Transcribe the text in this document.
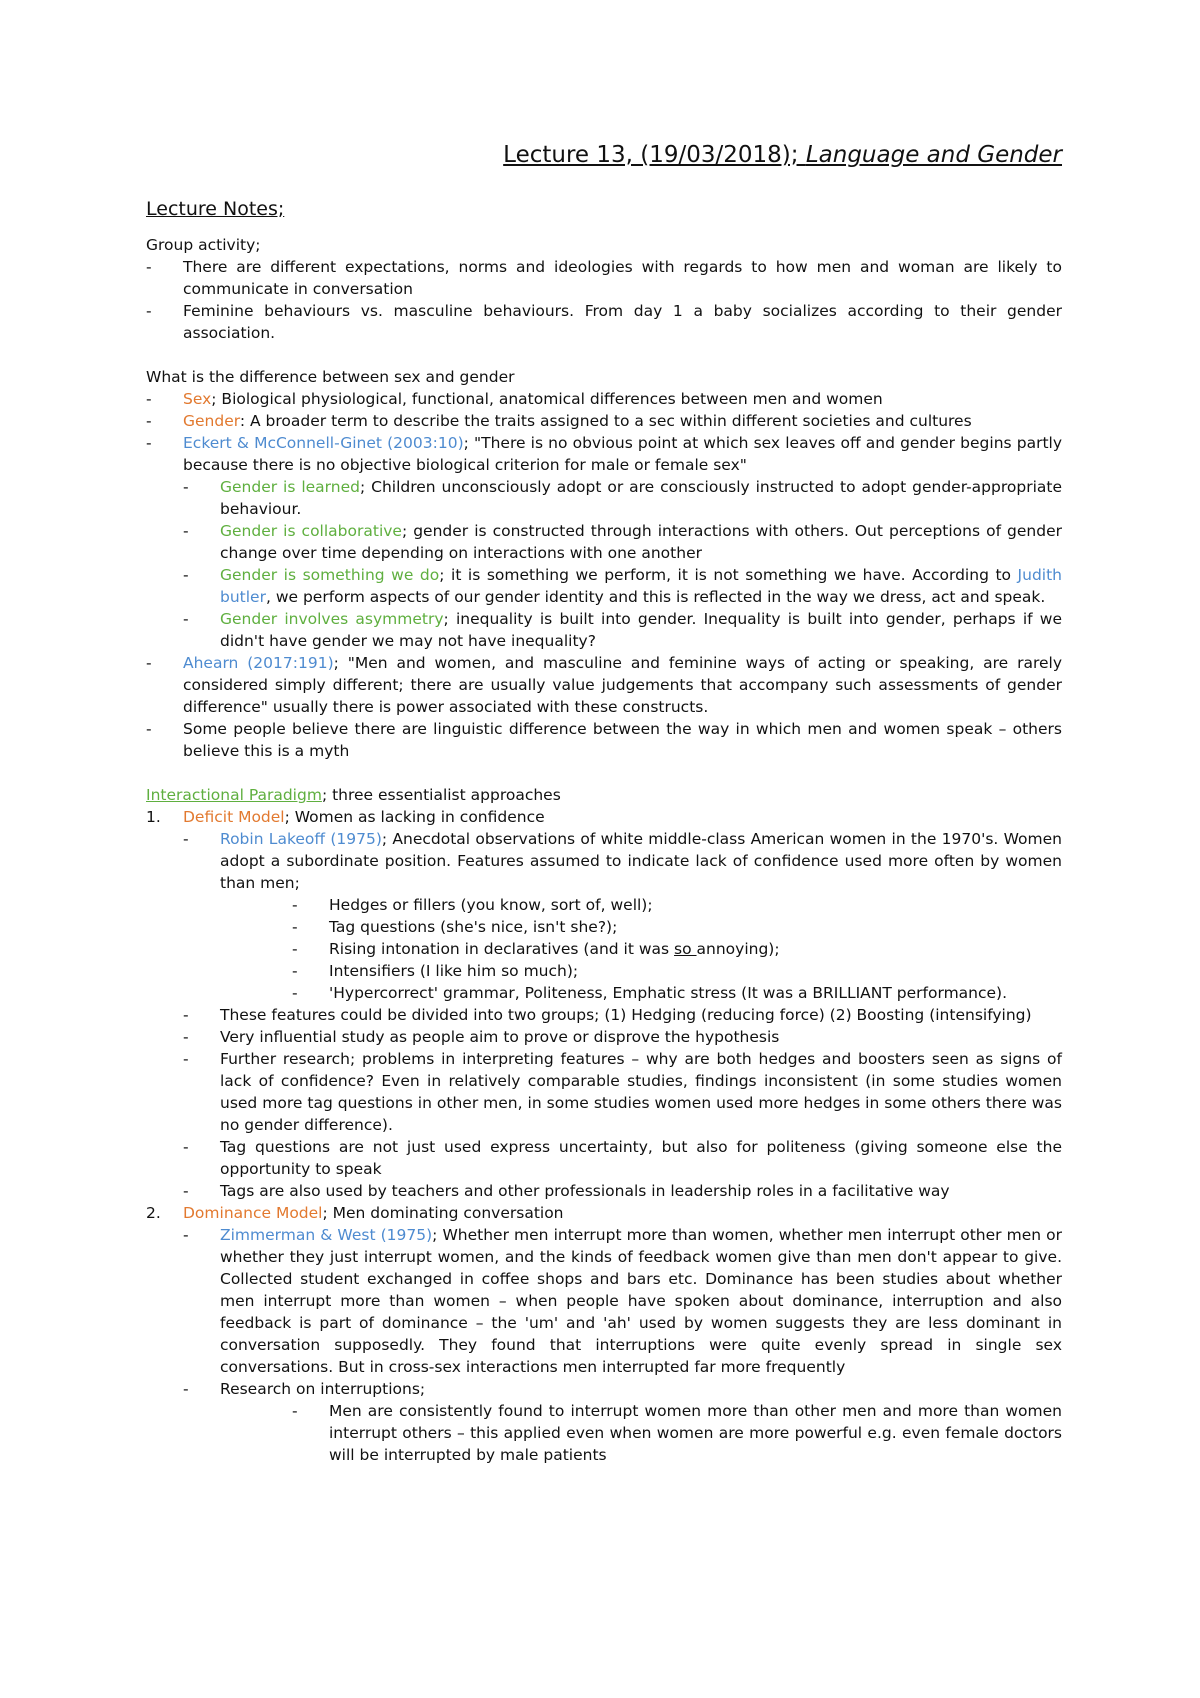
Lecture 13, (19/03/2018); Language and Gender
Lecture Notes;

Group activity;

- There are different expectations, norms and ideologies with regards to how men and woman are likely to communicate in conversation

- Feminine behaviours vs. masculine behaviours. From day 1 a baby socializes according to their gender association.

What is the difference between sex and gender

- Sex; Biological physiological, functional, anatomical differences between men and women

- Gender: A broader term to describe the traits assigned to a sec within different societies and cultures

- Eckert & McConnell-Ginet (2003:10); "There is no obvious point at which sex leaves off and gender begins partly because there is no objective biological criterion for male or female sex"

- Gender is learned; Children unconsciously adopt or are consciously instructed to adopt gender-appropriate behaviour.

- Gender is collaborative; gender is constructed through interactions with others. Out perceptions of gender change over time depending on interactions with one another

- Gender is something we do; it is something we perform, it is not something we have. According to Judith butler, we perform aspects of our gender identity and this is reflected in the way we dress, act and speak.

- Gender involves asymmetry; inequality is built into gender. Inequality is built into gender, perhaps if we didn't have gender we may not have inequality?

- Ahearn (2017:191); "Men and women, and masculine and feminine ways of acting or speaking, are rarely considered simply different; there are usually value judgements that accompany such assessments of gender difference" usually there is power associated with these constructs.

- Some people believe there are linguistic difference between the way in which men and women speak – others believe this is a myth

Interactional Paradigm; three essentialist approaches

1. Deficit Model; Women as lacking in confidence

- Robin Lakeoff (1975); Anecdotal observations of white middle-class American women in the 1970's. Women adopt a subordinate position. Features assumed to indicate lack of confidence used more often by women than men;

- Hedges or fillers (you know, sort of, well);

- Tag questions (she's nice, isn't she?);

- Rising intonation in declaratives (and it was so annoying);

- Intensifiers (I like him so much);

- 'Hypercorrect' grammar, Politeness, Emphatic stress (It was a BRILLIANT performance).

- These features could be divided into two groups; (1) Hedging (reducing force) (2) Boosting (intensifying)

- Very influential study as people aim to prove or disprove the hypothesis

- Further research; problems in interpreting features – why are both hedges and boosters seen as signs of lack of confidence? Even in relatively comparable studies, findings inconsistent (in some studies women used more tag questions in other men, in some studies women used more hedges in some others there was no gender difference).

- Tag questions are not just used express uncertainty, but also for politeness (giving someone else the opportunity to speak

- Tags are also used by teachers and other professionals in leadership roles in a facilitative way

2. Dominance Model; Men dominating conversation

- Zimmerman & West (1975); Whether men interrupt more than women, whether men interrupt other men or whether they just interrupt women, and the kinds of feedback women give than men don't appear to give. Collected student exchanged in coffee shops and bars etc. Dominance has been studies about whether men interrupt more than women – when people have spoken about dominance, interruption and also feedback is part of dominance – the 'um' and 'ah' used by women suggests they are less dominant in conversation supposedly. They found that interruptions were quite evenly spread in single sex conversations. But in cross-sex interactions men interrupted far more frequently

- Research on interruptions;

- Men are consistently found to interrupt women more than other men and more than women interrupt others – this applied even when women are more powerful e.g. even female doctors will be interrupted by male patients
